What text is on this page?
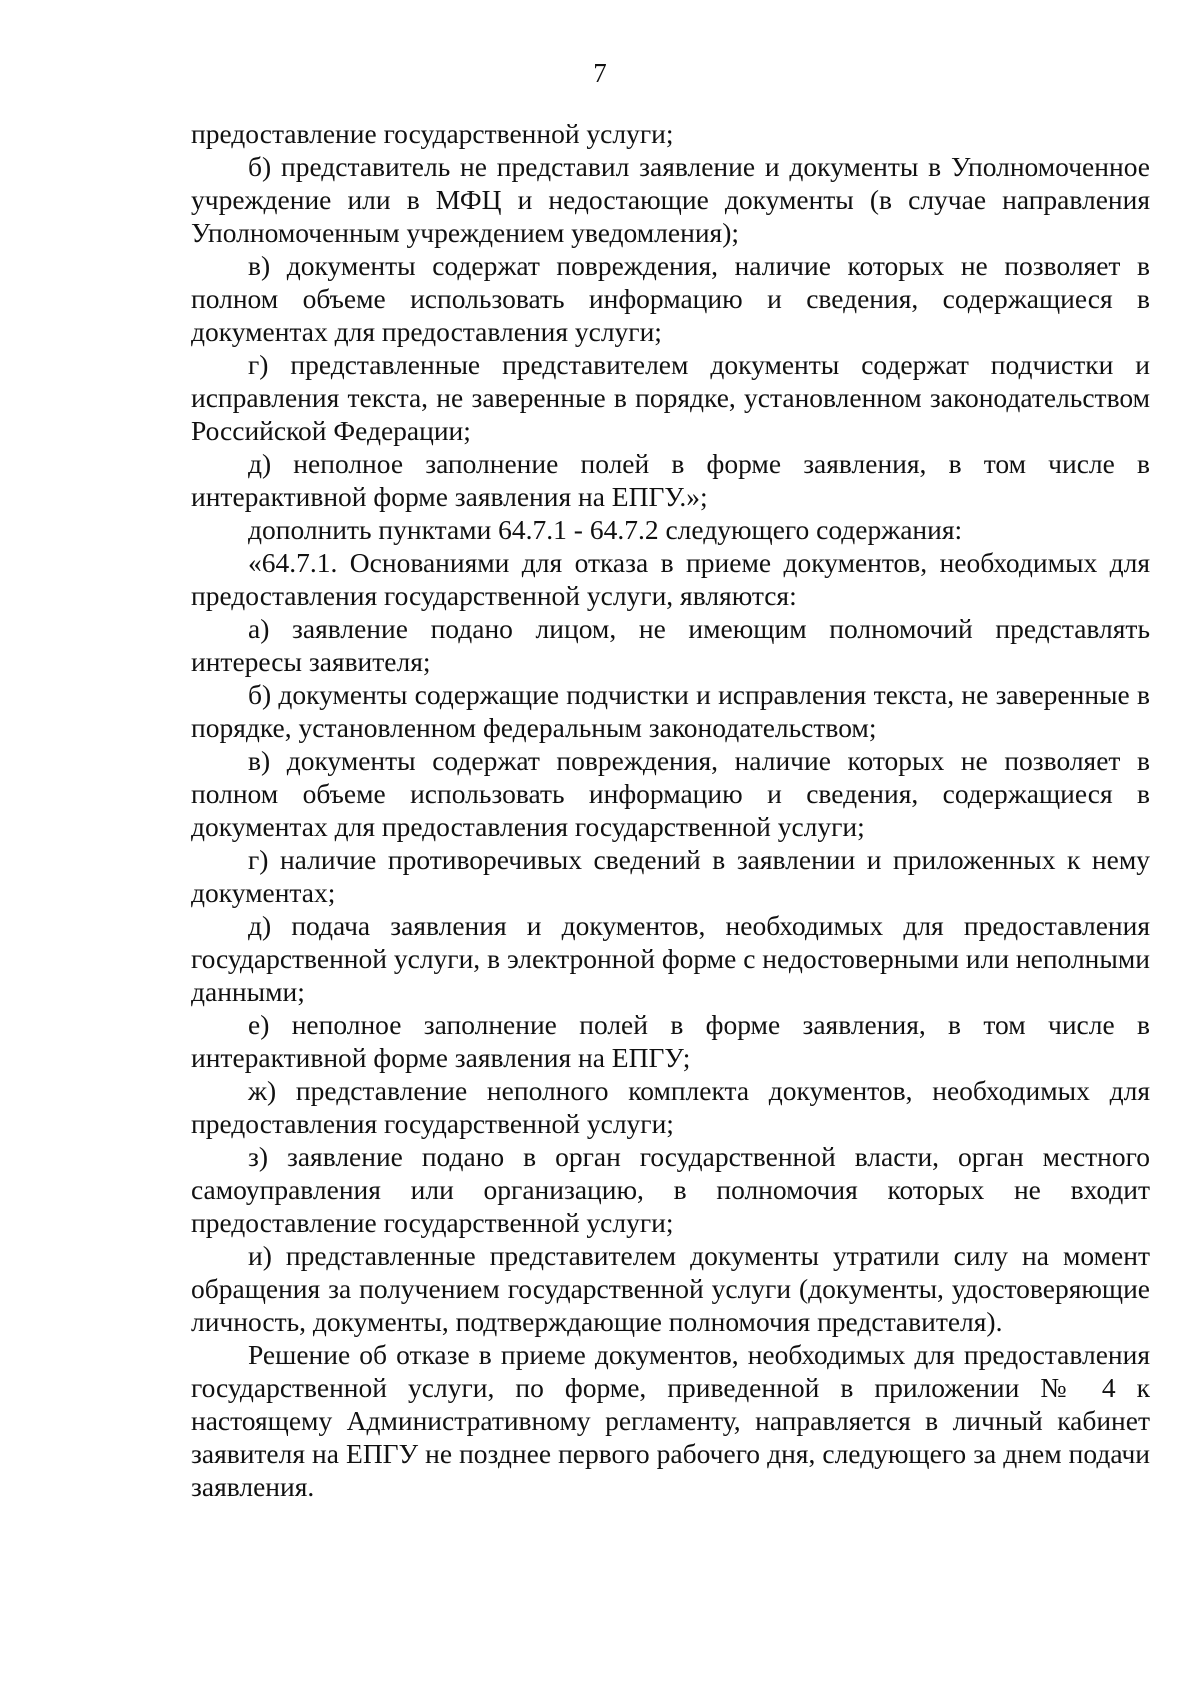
7

предоставление государственной услуги;

б) представитель не представил заявление и документы в Уполномоченное учреждение или в МФЦ и недостающие документы (в случае направления Уполномоченным учреждением уведомления);

в) документы содержат повреждения, наличие которых не позволяет в полном объеме использовать информацию и сведения, содержащиеся в документах для предоставления услуги;

г) представленные представителем документы содержат подчистки и исправления текста, не заверенные в порядке, установленном законодательством Российской Федерации;

д) неполное заполнение полей в форме заявления, в том числе в интерактивной форме заявления на ЕПГУ.»;

дополнить пунктами 64.7.1 - 64.7.2 следующего содержания:

«64.7.1. Основаниями для отказа в приеме документов, необходимых для предоставления государственной услуги, являются:

а) заявление подано лицом, не имеющим полномочий представлять интересы заявителя;

б) документы содержащие подчистки и исправления текста, не заверенные в порядке, установленном федеральным законодательством;

в) документы содержат повреждения, наличие которых не позволяет в полном объеме использовать информацию и сведения, содержащиеся в документах для предоставления государственной услуги;

г) наличие противоречивых сведений в заявлении и приложенных к нему документах;

д) подача заявления и документов, необходимых для предоставления государственной услуги, в электронной форме с недостоверными или неполными данными;

е) неполное заполнение полей в форме заявления, в том числе в интерактивной форме заявления на ЕПГУ;

ж) представление неполного комплекта документов, необходимых для предоставления государственной услуги;

з) заявление подано в орган государственной власти, орган местного самоуправления или организацию, в полномочия которых не входит предоставление государственной услуги;

и) представленные представителем документы утратили силу на момент обращения за получением государственной услуги (документы, удостоверяющие личность, документы, подтверждающие полномочия представителя).

Решение об отказе в приеме документов, необходимых для предоставления государственной услуги, по форме, приведенной в приложении № 4 к настоящему Административному регламенту, направляется в личный кабинет заявителя на ЕПГУ не позднее первого рабочего дня, следующего за днем подачи заявления.
